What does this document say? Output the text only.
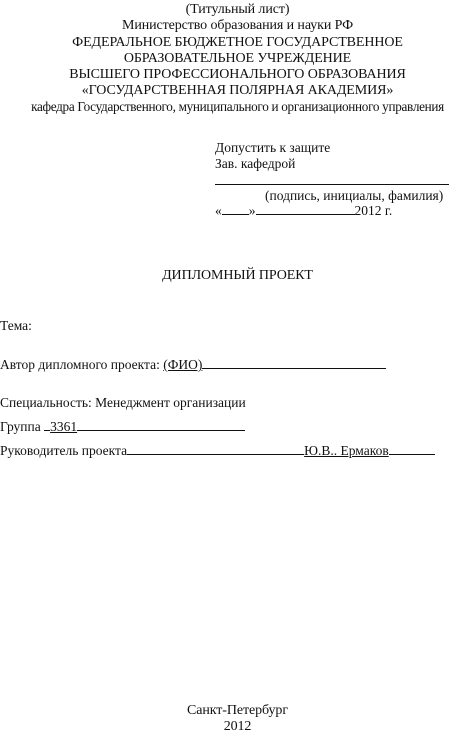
(Титульный лист)
Министерство образования и науки РФ
ФЕДЕРАЛЬНОЕ БЮДЖЕТНОЕ ГОСУДАРСТВЕННОЕ
ОБРАЗОВАТЕЛЬНОЕ УЧРЕЖДЕНИЕ
ВЫСШЕГО ПРОФЕССИОНАЛЬНОГО ОБРАЗОВАНИЯ
«ГОСУДАРСТВЕННАЯ ПОЛЯРНАЯ АКАДЕМИЯ»
кафедра Государственного, муниципального и организационного управления
Допустить к защите
Зав. кафедрой
(подпись, инициалы, фамилия)
« »	2012 г.
ДИПЛОМНЫЙ ПРОЕКТ
Тема:
Автор дипломного проекта: (ФИО)
Специальность: Менеджмент организации
Группа 3361
Руководитель проекта	Ю.В.. Ермаков
Санкт-Петербург
2012
